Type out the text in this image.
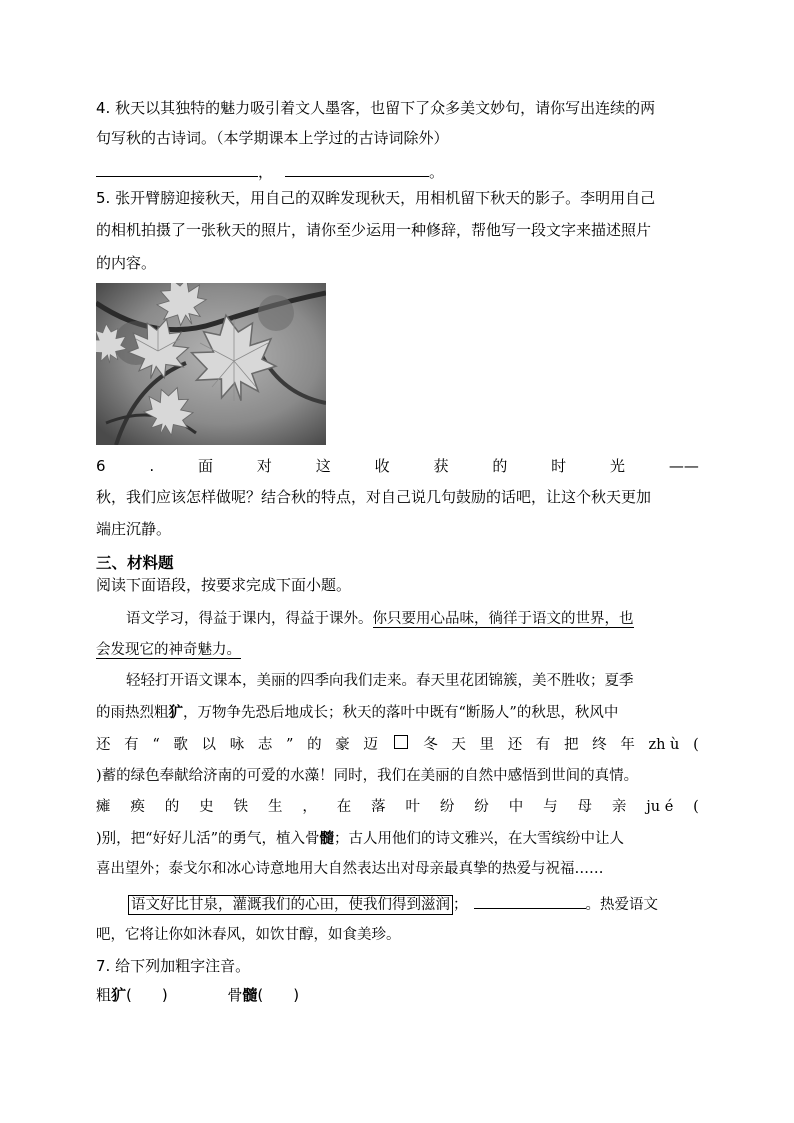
4. 秋天以其独特的魅力吸引着文人墨客，也留下了众多美文妙句，请你写出连续的两
句写秋的古诗词。（本学期课本上学过的古诗词除外）
，	。
5. 张开臂膀迎接秋天，用自己的双眸发现秋天，用相机留下秋天的影子。李明用自己
的相机拍摄了一张秋天的照片，请你至少运用一种修辞，帮他写一段文字来描述照片
的内容。
6	.	面	对	这	收	获	的	时	光	——
秋，我们应该怎样做呢？结合秋的特点，对自己说几句鼓励的话吧，让这个秋天更加
端庄沉静。
三、材料题
阅读下面语段，按要求完成下面小题。
语文学习，得益于课内，得益于课外。你只要用心品味，徜徉于语文的世界，也
会发现它的神奇魅力。
轻轻打开语文课本，美丽的四季向我们走来。春天里花团锦簇，美不胜收；夏季
的雨热烈粗犷，万物争先恐后地成长；秋天的落叶中既有“断肠人”的秋思，秋风中
还 有 “ 歌 以 咏 志 ” 的 豪 迈	冬 天 里 还 有 把 终 年 zh ù (
)蓄的绿色奉献给济南的可爱的水藻！同时，我们在美丽的自然中感悟到世间的真情。
瘫 痪 的 史 铁 生 ， 在 落 叶 纷 纷 中 与 母 亲 ju é (
)别，把“好好儿活”的勇气，植入骨髓；古人用他们的诗文雅兴，在大雪缤纷中让人
喜出望外；泰戈尔和冰心诗意地用大自然表达出对母亲最真挚的热爱与祝福……
语文好比甘泉，灌溉我们的心田，使我们得到滋润 ；	。热爱语文
吧，它将让你如沐春风，如饮甘醇，如食美珍。
7. 给下列加粗字注音。
粗犷(　　)	骨髓(　　)
